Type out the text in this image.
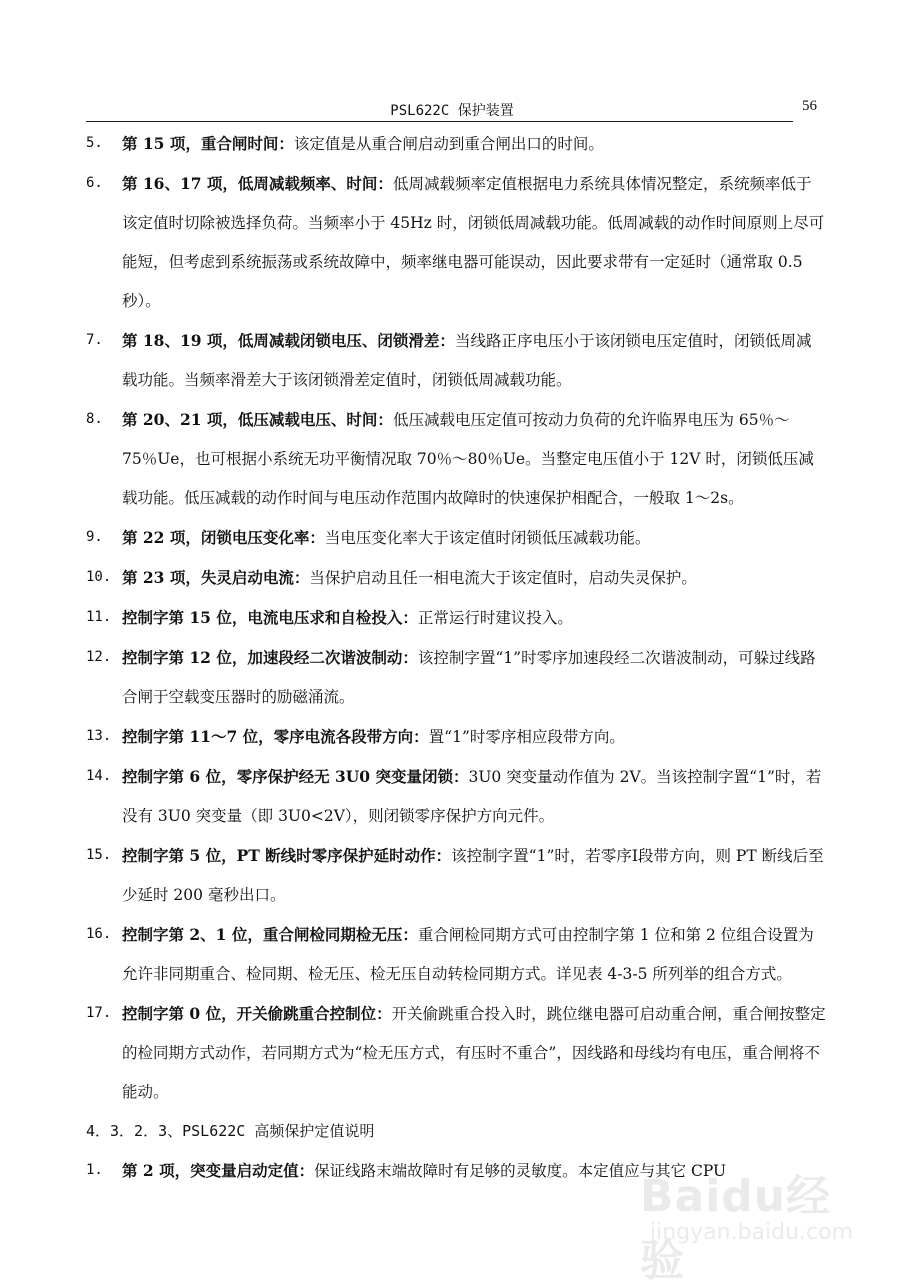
PSL622C 保护装置	56

5. 第 15 项，重合闸时间：该定值是从重合闸启动到重合闸出口的时间。

6. 第 16、17 项，低周减载频率、时间：低周减载频率定值根据电力系统具体情况整定，系统频率低于该定值时切除被选择负荷。当频率小于 45Hz 时，闭锁低周减载功能。低周减载的动作时间原则上尽可能短，但考虑到系统振荡或系统故障中，频率继电器可能误动，因此要求带有一定延时（通常取 0.5 秒）。

7. 第 18、19 项，低周减载闭锁电压、闭锁滑差：当线路正序电压小于该闭锁电压定值时，闭锁低周减载功能。当频率滑差大于该闭锁滑差定值时，闭锁低周减载功能。

8. 第 20、21 项，低压减载电压、时间：低压减载电压定值可按动力负荷的允许临界电压为 65％～75％Ue，也可根据小系统无功平衡情况取 70％～80％Ue。当整定电压值小于 12V 时，闭锁低压减载功能。低压减载的动作时间与电压动作范围内故障时的快速保护相配合，一般取 1～2s。

9. 第 22 项，闭锁电压变化率：当电压变化率大于该定值时闭锁低压减载功能。

10. 第 23 项，失灵启动电流：当保护启动且任一相电流大于该定值时，启动失灵保护。

11. 控制字第 15 位，电流电压求和自检投入：正常运行时建议投入。

12. 控制字第 12 位，加速段经二次谐波制动：该控制字置“1”时零序加速段经二次谐波制动，可躲过线路合闸于空载变压器时的励磁涌流。

13. 控制字第 11～7 位，零序电流各段带方向：置“1”时零序相应段带方向。

14. 控制字第 6 位，零序保护经无 3U0 突变量闭锁：3U0 突变量动作值为 2V。当该控制字置“1”时，若没有 3U0 突变量（即 3U0<2V），则闭锁零序保护方向元件。

15. 控制字第 5 位，PT 断线时零序保护延时动作：该控制字置“1”时，若零序Ⅰ段带方向，则 PT 断线后至少延时 200 毫秒出口。

16. 控制字第 2、1 位，重合闸检同期检无压：重合闸检同期方式可由控制字第 1 位和第 2 位组合设置为允许非同期重合、检同期、检无压、检无压自动转检同期方式。详见表 4-3-5 所列举的组合方式。

17. 控制字第 0 位，开关偷跳重合控制位：开关偷跳重合投入时，跳位继电器可启动重合闸，重合闸按整定的检同期方式动作，若同期方式为“检无压方式，有压时不重合”，因线路和母线均有电压，重合闸将不能动。

4．3．2．3、PSL622C 高频保护定值说明

1. 第 2 项，突变量启动定值：保证线路末端故障时有足够的灵敏度。本定值应与其它 CPU

Baidu经验
jingyan.baidu.com
